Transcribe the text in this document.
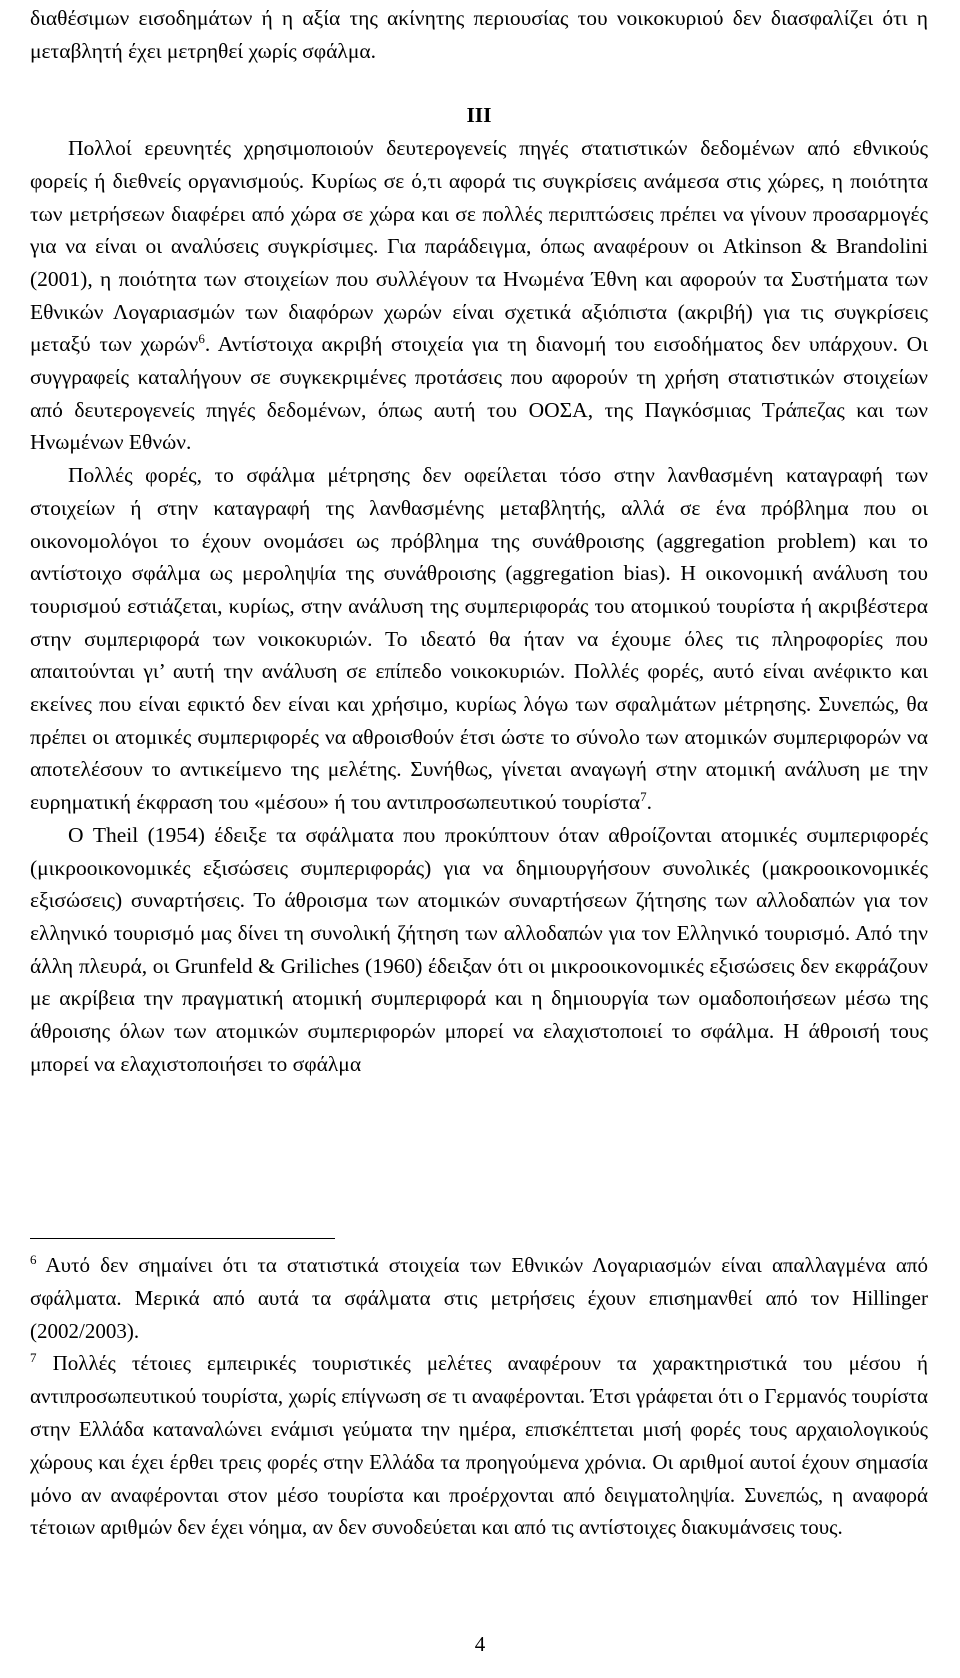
διαθέσιμων εισοδημάτων ή η αξία της ακίνητης περιουσίας του νοικοκυριού δεν διασφαλίζει ότι η μεταβλητή έχει μετρηθεί χωρίς σφάλμα.

III

Πολλοί ερευνητές χρησιμοποιούν δευτερογενείς πηγές στατιστικών δεδομένων από εθνικούς φορείς ή διεθνείς οργανισμούς. Κυρίως σε ό,τι αφορά τις συγκρίσεις ανάμεσα στις χώρες, η ποιότητα των μετρήσεων διαφέρει από χώρα σε χώρα και σε πολλές περιπτώσεις πρέπει να γίνουν προσαρμογές για να είναι οι αναλύσεις συγκρίσιμες. Για παράδειγμα, όπως αναφέρουν οι Atkinson & Brandolini (2001), η ποιότητα των στοιχείων που συλλέγουν τα Ηνωμένα Έθνη και αφορούν τα Συστήματα των Εθνικών Λογαριασμών των διαφόρων χωρών είναι σχετικά αξιόπιστα (ακριβή) για τις συγκρίσεις μεταξύ των χωρών$^6$. Αντίστοιχα ακριβή στοιχεία για τη διανομή του εισοδήματος δεν υπάρχουν. Οι συγγραφείς καταλήγουν σε συγκεκριμένες προτάσεις που αφορούν τη χρήση στατιστικών στοιχείων από δευτερογενείς πηγές δεδομένων, όπως αυτή του ΟΟΣΑ, της Παγκόσμιας Τράπεζας και των Ηνωμένων Εθνών.

Πολλές φορές, το σφάλμα μέτρησης δεν οφείλεται τόσο στην λανθασμένη καταγραφή των στοιχείων ή στην καταγραφή της λανθασμένης μεταβλητής, αλλά σε ένα πρόβλημα που οι οικονομολόγοι το έχουν ονομάσει ως πρόβλημα της συνάθροισης (aggregation problem) και το αντίστοιχο σφάλμα ως μεροληψία της συνάθροισης (aggregation bias). Η οικονομική ανάλυση του τουρισμού εστιάζεται, κυρίως, στην ανάλυση της συμπεριφοράς του ατομικού τουρίστα ή ακριβέστερα στην συμπεριφορά των νοικοκυριών. Το ιδεατό θα ήταν να έχουμε όλες τις πληροφορίες που απαιτούνται γι’ αυτή την ανάλυση σε επίπεδο νοικοκυριών. Πολλές φορές, αυτό είναι ανέφικτο και εκείνες που είναι εφικτό δεν είναι και χρήσιμο, κυρίως λόγω των σφαλμάτων μέτρησης. Συνεπώς, θα πρέπει οι ατομικές συμπεριφορές να αθροισθούν έτσι ώστε το σύνολο των ατομικών συμπεριφορών να αποτελέσουν το αντικείμενο της μελέτης. Συνήθως, γίνεται αναγωγή στην ατομική ανάλυση με την ευρηματική έκφραση του «μέσου» ή του αντιπροσωπευτικού τουρίστα$^7$.

Ο Theil (1954) έδειξε τα σφάλματα που προκύπτουν όταν αθροίζονται ατομικές συμπεριφορές (μικροοικονομικές εξισώσεις συμπεριφοράς) για να δημιουργήσουν συνολικές (μακροοικονομικές εξισώσεις) συναρτήσεις. Το άθροισμα των ατομικών συναρτήσεων ζήτησης των αλλοδαπών για τον ελληνικό τουρισμό μας δίνει τη συνολική ζήτηση των αλλοδαπών για τον Ελληνικό τουρισμό. Από την άλλη πλευρά, οι Grunfeld & Griliches (1960) έδειξαν ότι οι μικροοικονομικές εξισώσεις δεν εκφράζουν με ακρίβεια την πραγματική ατομική συμπεριφορά και η δημιουργία των ομαδοποιήσεων μέσω της άθροισης όλων των ατομικών συμπεριφορών μπορεί να ελαχιστοποιεί το σφάλμα. Η άθροισή τους μπορεί να ελαχιστοποιήσει το σφάλμα

$^6$ Αυτό δεν σημαίνει ότι τα στατιστικά στοιχεία των Εθνικών Λογαριασμών είναι απαλλαγμένα από σφάλματα. Μερικά από αυτά τα σφάλματα στις μετρήσεις έχουν επισημανθεί από τον Hillinger (2002/2003).

$^7$ Πολλές τέτοιες εμπειρικές τουριστικές μελέτες αναφέρουν τα χαρακτηριστικά του μέσου ή αντιπροσωπευτικού τουρίστα, χωρίς επίγνωση σε τι αναφέρονται. Έτσι γράφεται ότι ο Γερμανός τουρίστα στην Ελλάδα καταναλώνει ενάμισι γεύματα την ημέρα, επισκέπτεται μισή φορές τους αρχαιολογικούς χώρους και έχει έρθει τρεις φορές στην Ελλάδα τα προηγούμενα χρόνια. Οι αριθμοί αυτοί έχουν σημασία μόνο αν αναφέρονται στον μέσο τουρίστα και προέρχονται από δειγματοληψία. Συνεπώς, η αναφορά τέτοιων αριθμών δεν έχει νόημα, αν δεν συνοδεύεται και από τις αντίστοιχες διακυμάνσεις τους.

4
